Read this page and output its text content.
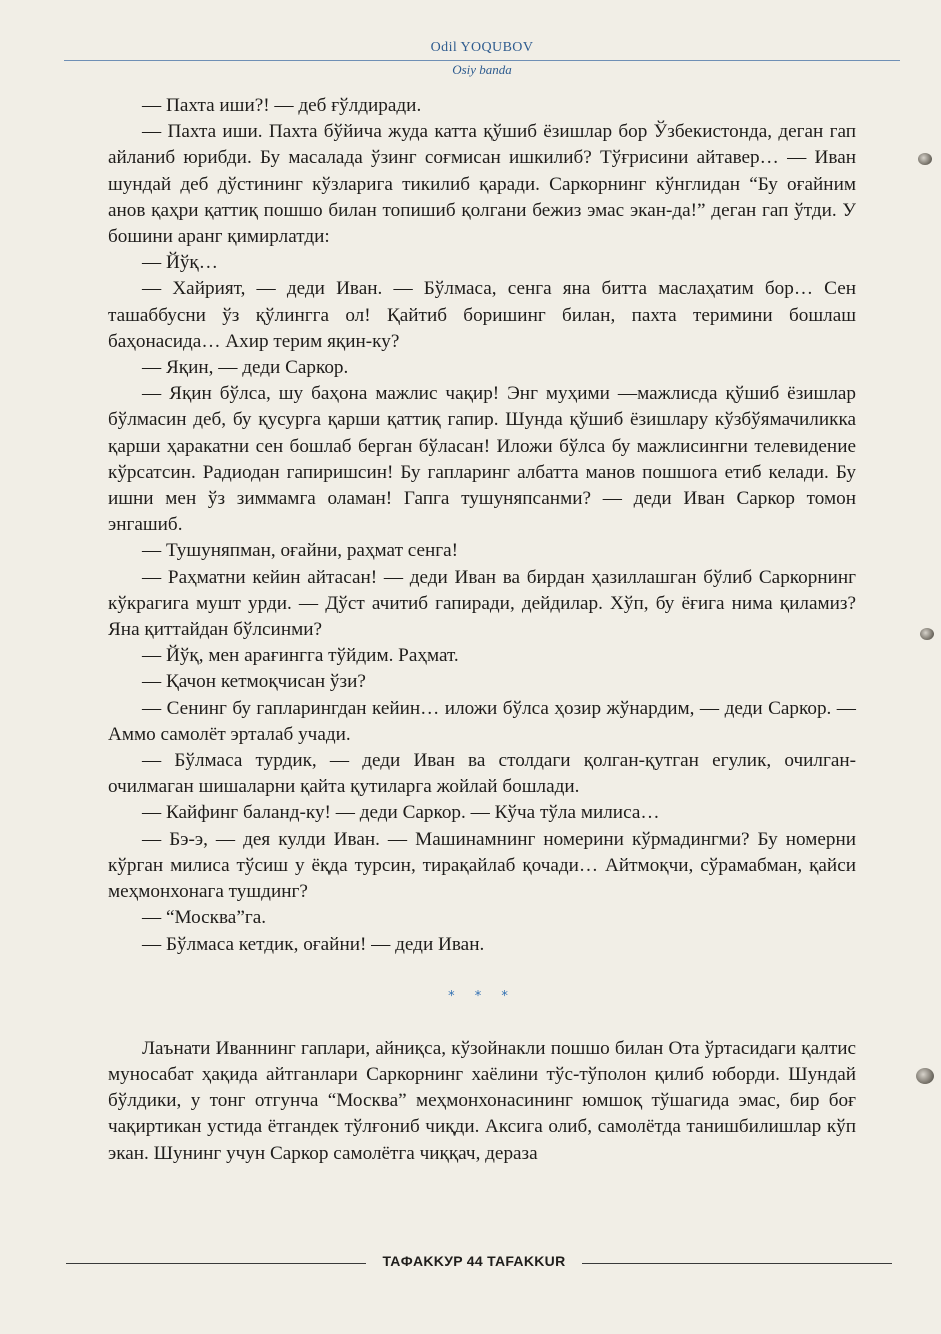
Odil YOQUBOV
Osiy banda

— Пахта иши?! — деб ғўлдиради.

— Пахта иши. Пахта бўйича жуда катта қўшиб ёзишлар бор Ўзбекистонда, деган гап айланиб юрибди. Бу масалада ўзинг сoғмисан ишкилиб? Тўғрисини айтавер… — Иван шундай деб дўстининг кўзларига тикилиб қаради. Саркорнинг кўнглидан “Бу оғайним анов қаҳри қаттиқ пошшо билан топишиб қолгани бежиз эмас экан-да!” деган гап ўтди. У бошини аранг қимирлатди:

— Йўқ…

— Хайрият, — деди Иван. — Бўлмаса, сенга яна битта маслаҳатим бор… Сен ташаббусни ўз қўлингга ол! Қайтиб боришинг билан, пахта теримини бошлаш баҳонасида… Ахир терим яқин-ку?

— Яқин, — деди Саркор.

— Яқин бўлса, шу баҳона мажлис чақир! Энг муҳими —мажлисда қўшиб ёзишлар бўлмасин деб, бу қусурга қарши қаттиқ гапир. Шунда қўшиб ёзишлару кўзбўямачиликка қарши ҳаракатни сен бошлаб берган бўласан! Иложи бўлса бу мажлисингни телевидение кўрсатсин. Радиодан гапиришсин! Бу гапларинг албатта манов пошшога етиб келади. Бу ишни мен ўз зиммамга оламан! Гапга тушуняпсанми? — деди Иван Саркор томон энгашиб.

— Тушуняпман, оғайни, раҳмат сенга!

— Раҳматни кейин айтасан! — деди Иван ва бирдан ҳазиллашган бўлиб Саркорнинг кўкрагига мушт урди. — Дўст ачитиб гапиради, дейдилар. Хўп, бу ёғига нима қиламиз? Яна қиттайдан бўлсинми?

— Йўқ, мен арағингга тўйдим. Раҳмат.

— Қачон кетмоқчисан ўзи?

— Сенинг бу гапларингдан кейин… иложи бўлса ҳозир жўнардим, — деди Саркор. — Аммо самолёт эрталаб учади.

— Бўлмаса турдик, — деди Иван ва столдаги қолган-қутган егулик, очилган-очилмаган шишаларни қайта қутиларга жойлай бошлади.

— Кайфинг баланд-ку! — деди Саркор. — Кўча тўла милиса…

— Бэ-э, — дея кулди Иван. — Машинамнинг номерини кўрмадингми? Бу номерни кўрган милиса тўсиш у ёқда турсин, тирақайлаб қочади… Айтмоқчи, сўрамабман, қайси меҳмонхонага тушдинг?

— “Москва”га.

— Бўлмаса кетдик, оғайни! — деди Иван.

* * *

Лаънати Иваннинг гаплари, айниқса, кўзойнакли пошшо билан Ота ўртасидаги қалтис муносабат ҳақида айтганлари Саркорнинг хаёлини тўс-тўполон қилиб юборди. Шундай бўлдики, у тонг отгунча “Москва” меҳмонхонасининг юмшоқ тўшагида эмас, бир боғ чақиртикан устида ётгандек тўлғониб чиқди. Аксига олиб, самолётда танишбилишлар кўп экан. Шунинг учун Саркор самолётга чиққач, дераза

TAФAKKУP 44 TAFAKKUR
